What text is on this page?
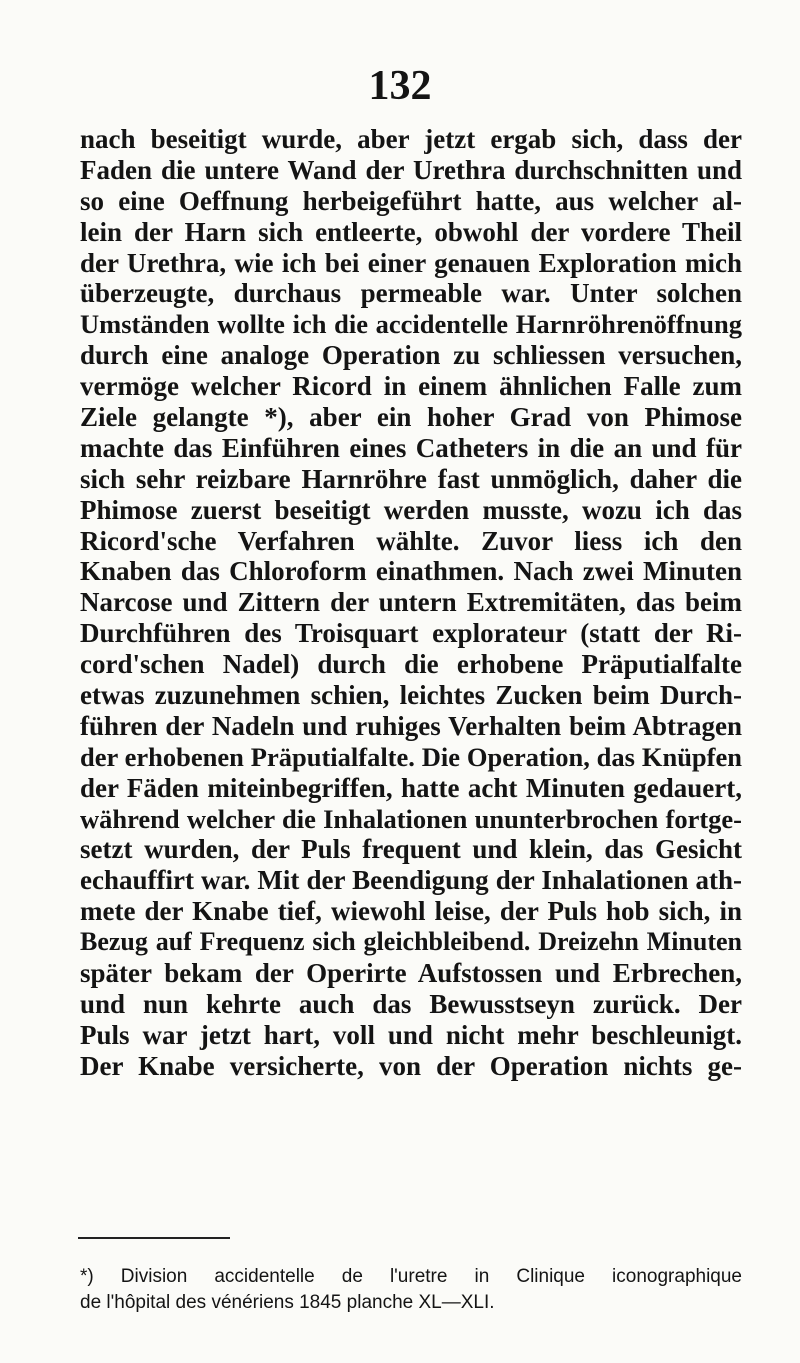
132
nach beseitigt wurde, aber jetzt ergab sich, dass der
Faden die untere Wand der Urethra durchschnitten und
so eine Oeffnung herbeigeführt hatte, aus welcher al-
lein der Harn sich entleerte, obwohl der vordere Theil
der Urethra, wie ich bei einer genauen Exploration mich
überzeugte, durchaus permeable war. Unter solchen
Umständen wollte ich die accidentelle Harnröhrenöffnung
durch eine analoge Operation zu schliessen versuchen,
vermöge welcher Ricord in einem ähnlichen Falle zum
Ziele gelangte *), aber ein hoher Grad von Phimose
machte das Einführen eines Catheters in die an und für
sich sehr reizbare Harnröhre fast unmöglich, daher die
Phimose zuerst beseitigt werden musste, wozu ich das
Ricord'sche Verfahren wählte. Zuvor liess ich den
Knaben das Chloroform einathmen. Nach zwei Minuten
Narcose und Zittern der untern Extremitäten, das beim
Durchführen des Troisquart explorateur (statt der Ri-
cord'schen Nadel) durch die erhobene Präputialfalte
etwas zuzunehmen schien, leichtes Zucken beim Durch-
führen der Nadeln und ruhiges Verhalten beim Abtragen
der erhobenen Präputialfalte. Die Operation, das Knüpfen
der Fäden miteinbegriffen, hatte acht Minuten gedauert,
während welcher die Inhalationen ununterbrochen fortge-
setzt wurden, der Puls frequent und klein, das Gesicht
echauffirt war. Mit der Beendigung der Inhalationen ath-
mete der Knabe tief, wiewohl leise, der Puls hob sich, in
Bezug auf Frequenz sich gleichbleibend. Dreizehn Minuten
später bekam der Operirte Aufstossen und Erbrechen,
und nun kehrte auch das Bewusstseyn zurück. Der
Puls war jetzt hart, voll und nicht mehr beschleunigt.
Der Knabe versicherte, von der Operation nichts ge-
*) Division accidentelle de l'uretre in Clinique iconographique
de l'hôpital des vénériens 1845 planche XL—XLI.
